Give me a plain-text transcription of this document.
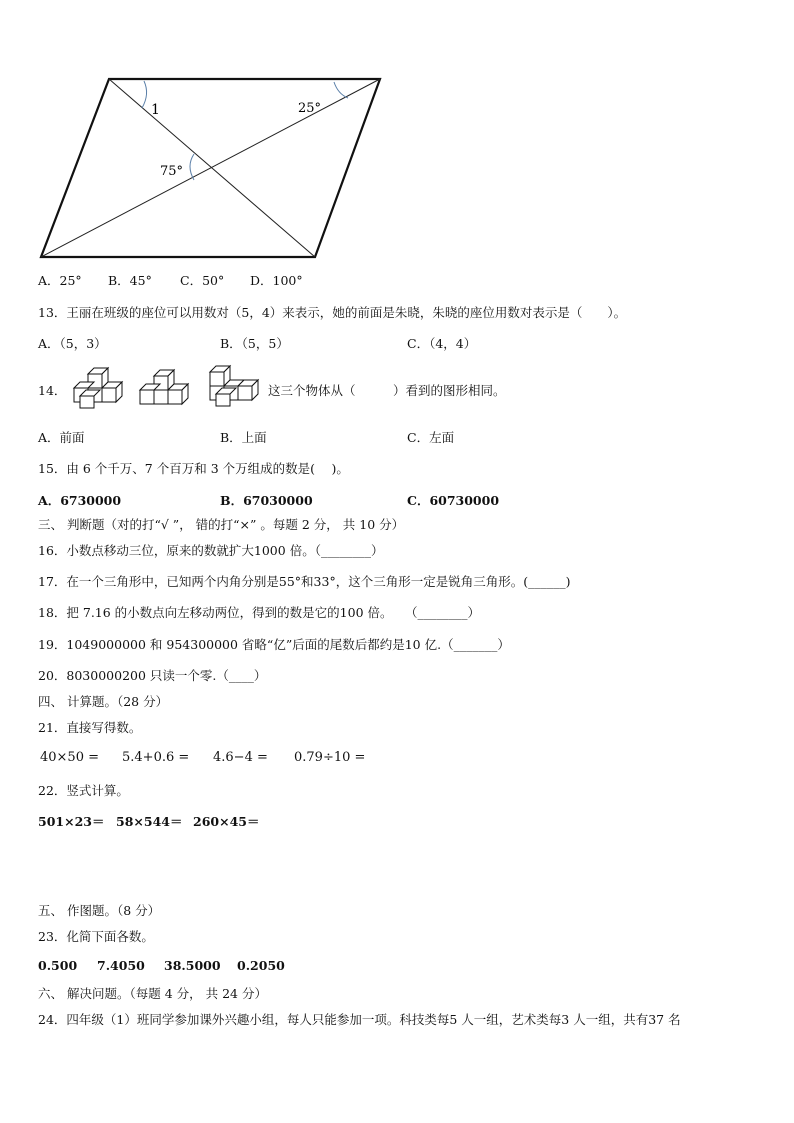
1	25°
75°
A．25° B．45° C．50° D．100°
13．王丽在班级的座位可以用数对（5，4）来表示，她的前面是朱晓，朱晓的座位用数对表示是（　　）。
A．（5，3）	B．（5，5）	C．（4，4）
14．	这三个物体从（　　　）看到的图形相同。
A．前面	B．上面	C．左面
15．由 6 个千万、7 个百万和 3 个万组成的数是(　 )。
A．6730000	B．67030000	C．60730000
三、 判断题（对的打“√ ”， 错的打“×” 。每题 2 分， 共 10 分）
16．小数点移动三位，原来的数就扩大1000 倍。（________）
17．在一个三角形中，已知两个内角分别是55°和33°，这个三角形一定是锐角三角形。(______)
18．把 7.16 的小数点向左移动两位，得到的数是它的100 倍。　　（________）
19．1049000000 和 954300000 省略“亿”后面的尾数后都约是10 亿.（_______）
20．8030000200 只读一个零.（____）
四、 计算题。（28 分）
21．直接写得数。
40×50 = 5.4+0.6 = 4.6−4 = 0.79÷10 =
22．竖式计算。
501×23＝ 58×544＝ 260×45＝
五、 作图题。（8 分）
23．化简下面各数。
0.500 7.4050 38.5000 0.2050
六、 解决问题。（每题 4 分， 共 24 分）
24．四年级（1）班同学参加课外兴趣小组，每人只能参加一项。科技类每5 人一组，艺术类每3 人一组，共有37 名
